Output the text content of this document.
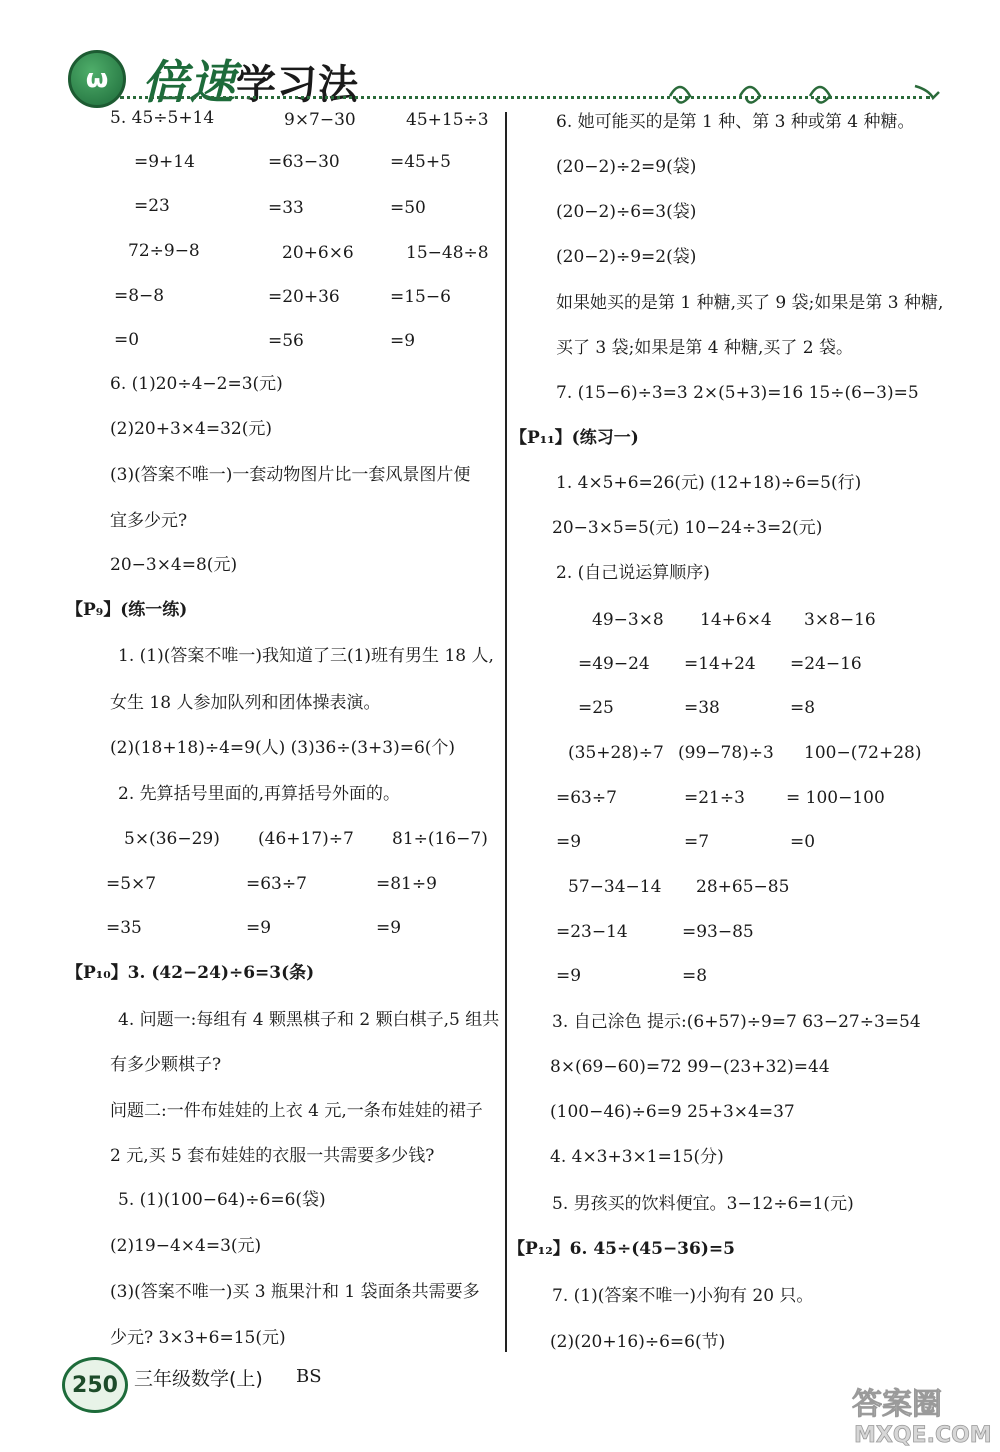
ω 倍速学习法
5. 45÷5+14	9×7−30	45+15÷3
=9+14	=63−30	=45+5
=23	=33	=50
72÷9−8	20+6×6	15−48÷8
=8−8	=20+36	=15−6
=0	=56	=9
6. (1)20÷4−2=3(元)
(2)20+3×4=32(元)
(3)(答案不唯一)一套动物图片比一套风景图片便
宜多少元?
20−3×4=8(元)
【P₉】(练一练)
1. (1)(答案不唯一)我知道了三(1)班有男生 18 人,
女生 18 人参加队列和团体操表演。
(2)(18+18)÷4=9(人) (3)36÷(3+3)=6(个)
2. 先算括号里面的,再算括号外面的。
5×(36−29) (46+17)÷7 81÷(16−7)
=5×7	=63÷7	=81÷9
=35	=9	=9
【P₁₀】3. (42−24)÷6=3(条)
4. 问题一:每组有 4 颗黑棋子和 2 颗白棋子,5 组共
有多少颗棋子?
问题二:一件布娃娃的上衣 4 元,一条布娃娃的裙子
2 元,买 5 套布娃娃的衣服一共需要多少钱?
5. (1)(100−64)÷6=6(袋)
(2)19−4×4=3(元)
(3)(答案不唯一)买 3 瓶果汁和 1 袋面条共需要多
少元? 3×3+6=15(元)
6. 她可能买的是第 1 种、第 3 种或第 4 种糖。
(20−2)÷2=9(袋)
(20−2)÷6=3(袋)
(20−2)÷9=2(袋)
如果她买的是第 1 种糖,买了 9 袋;如果是第 3 种糖,
买了 3 袋;如果是第 4 种糖,买了 2 袋。
7. (15−6)÷3=3 2×(5+3)=16 15÷(6−3)=5
【P₁₁】(练习一)
1. 4×5+6=26(元) (12+18)÷6=5(行)
20−3×5=5(元) 10−24÷3=2(元)
2. (自己说运算顺序)
49−3×8 14+6×4 3×8−16
=49−24 =14+24 =24−16
=25	=38	=8
(35+28)÷7 (99−78)÷3 100−(72+28)
=63÷7	=21÷3 = 100−100
=9	=7	=0
57−34−14 28+65−85
=23−14	=93−85
=9	=8
3. 自己涂色 提示:(6+57)÷9=7 63−27÷3=54
8×(69−60)=72 99−(23+32)=44
(100−46)÷6=9 25+3×4=37
4. 4×3+3×1=15(分)
5. 男孩买的饮料便宜。3−12÷6=1(元)
【P₁₂】6. 45÷(45−36)=5
7. (1)(答案不唯一)小狗有 20 只。
(2)(20+16)÷6=6(节)
250 三年级数学(上) BS
答案圈
MXQE.COM
